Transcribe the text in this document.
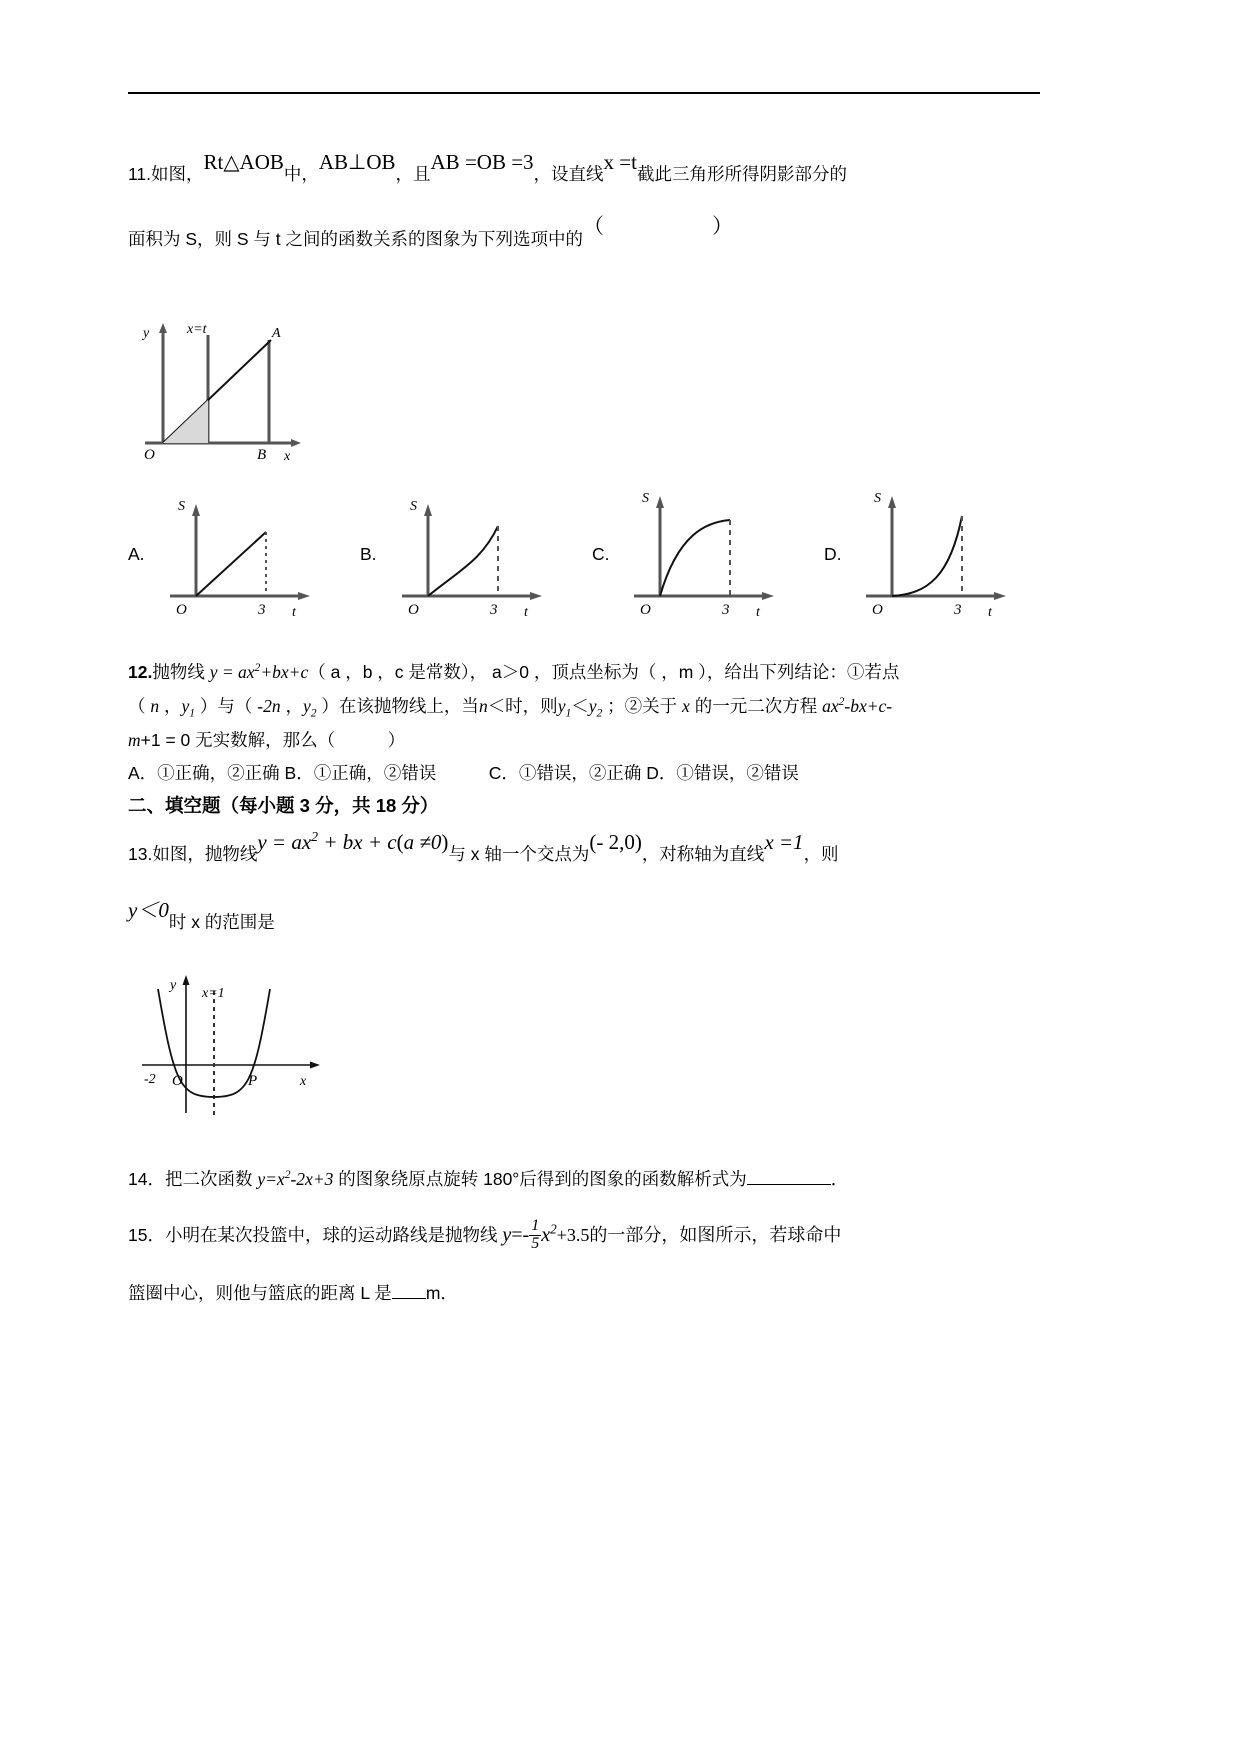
11.如图，Rt△AOB中，AB⊥OB，且AB =OB =3，设直线x =t截此三角形所得阴影部分的
面积为 S，则 S 与 t 之间的函数关系的图象为下列选项中的（　　）
y	x=t	A
O	B x
A.
S
O	3 t
B.
S
O	3 t
C.
S
O	3 t
D.
S
O	3 t
12.抛物线 $y = ax^2+bx+c$（ a ，b ，c 是常数）， a＞0 ，顶点坐标为（ ，m ），给出下列结论：①若点
（ n ，$y_1$ ）与（ -2n ，$y_2$ ）在该抛物线上，当n＜时，则$y_1<y_2$ ；②关于 x 的一元二次方程 $ax^2-bx+c-$
m+1 = 0 无实数解，那么（　　　）
A．①正确，②正确 B．①正确，②错误　　　C．①错误，②正确 D．①错误，②错误
二、填空题（每小题 3 分，共 18 分）
13.如图，抛物线$y = ax^2$ + bx + c(a ≠0)与 x 轴一个交点为(- 2,0)，对称轴为直线x =1，则
y＜0时 x 的范围是
y
x=1
-2 O	P	x
14．把二次函数 $y=x^2-2x+3$ 的图象绕原点旋转 180°后得到的图象的函数解析式为	．
15．小明在某次投篮中，球的运动路线是抛物线 $y=- \frac{1}{5} x^2+3.5$的一部分，如图所示，若球命中
篮圈中心，则他与篮底的距离 L 是 m．
